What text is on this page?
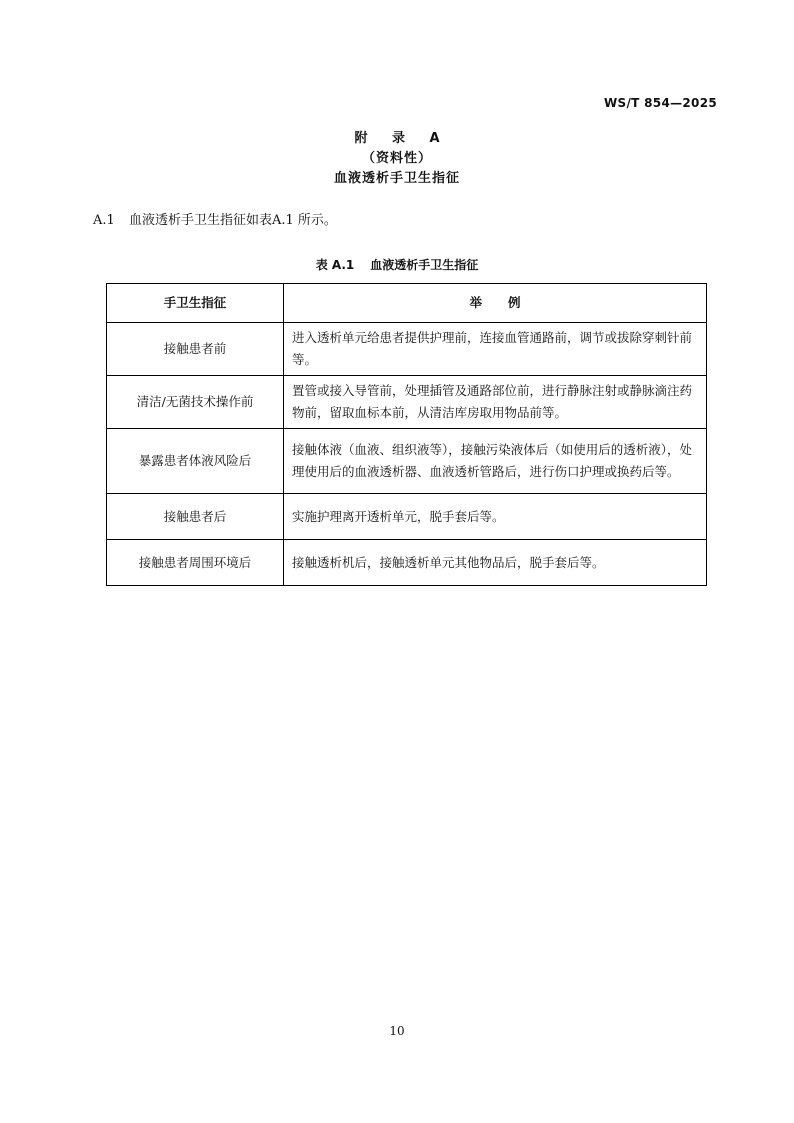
WS/T 854—2025
附 录 A
（资料性）
血液透析手卫生指征
A.1 血液透析手卫生指征如表A.1 所示。
表 A.1 血液透析手卫生指征
手卫生指征	举例
接触患者前	进入透析单元给患者提供护理前，连接血管通路前，调节或拔除穿刺针前等。
清洁/无菌技术操作前	置管或接入导管前，处理插管及通路部位前，进行静脉注射或静脉滴注药物前，留取血标本前，从清洁库房取用物品前等。
暴露患者体液风险后	接触体液（血液、组织液等），接触污染液体后（如使用后的透析液），处理使用后的血液透析器、血液透析管路后，进行伤口护理或换药后等。
接触患者后	实施护理离开透析单元，脱手套后等。
接触患者周围环境后	接触透析机后，接触透析单元其他物品后，脱手套后等。
10
